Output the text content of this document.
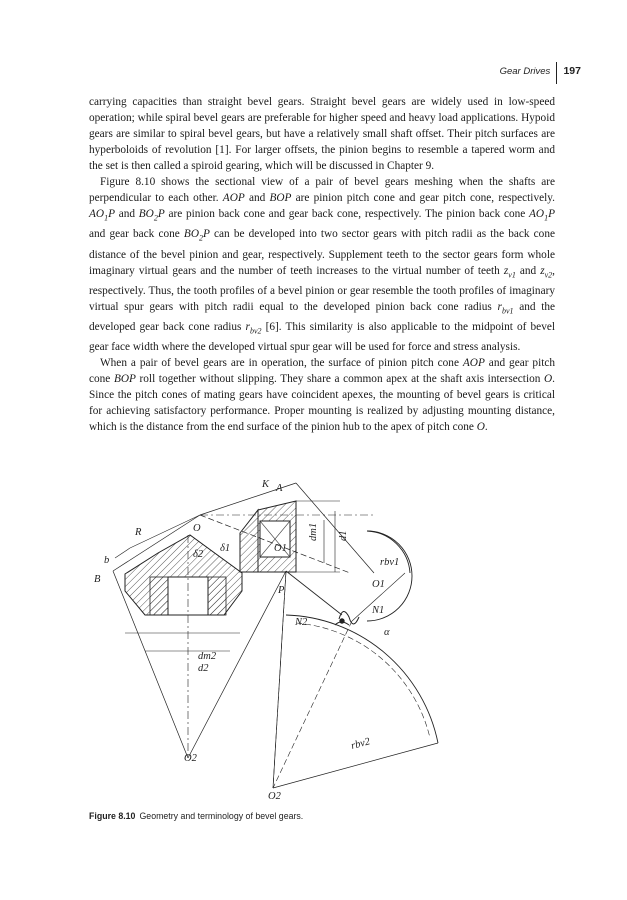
Gear Drives 197

carrying capacities than straight bevel gears. Straight bevel gears are widely used in low-speed operation; while spiral bevel gears are preferable for higher speed and heavy load applications. Hypoid gears are similar to spiral bevel gears, but have a relatively small shaft offset. Their pitch surfaces are hyperboloids of revolution [1]. For larger offsets, the pinion begins to resemble a tapered worm and the set is then called a spiroid gearing, which will be discussed in Chapter 9.

Figure 8.10 shows the sectional view of a pair of bevel gears meshing when the shafts are perpendicular to each other. AOP and BOP are pinion pitch cone and gear pitch cone, respectively. $AO_1P$ and $BO_2P$ are pinion back cone and gear back cone, respectively. The pinion back cone $AO_1P$ and gear back cone $BO_2P$ can be developed into two sector gears with pitch radii as the back cone distance of the bevel pinion and gear, respectively. Supplement teeth to the sector gears form whole imaginary virtual gears and the number of teeth increases to the virtual number of teeth $z_{v1}$ and $z_{v2}$, respectively. Thus, the tooth profiles of a bevel pinion or gear resemble the tooth profiles of imaginary virtual spur gears with pitch radii equal to the developed pinion back cone radius $r_{bv1}$ and the developed gear back cone radius $r_{bv2}$ [6]. This similarity is also applicable to the midpoint of bevel gear face width where the developed virtual spur gear will be used for force and stress analysis.

When a pair of bevel gears are in operation, the surface of pinion pitch cone AOP and gear pitch cone BOP roll together without slipping. They share a common apex at the shaft axis intersection O. Since the pitch cones of mating gears have coincident apexes, the mounting of bevel gears is critical for achieving satisfactory performance. Proper mounting is realized by adjusting mounting distance, which is the distance from the end surface of the pinion hub to the apex of pitch cone O.

K A
R	O
b
B
δ2
δ1	O1
dm1 d1
rbv1
O1
P
N1
N2
α
dm2
d2
O2
O2
rbv2
Figure 8.10 Geometry and terminology of bevel gears.
